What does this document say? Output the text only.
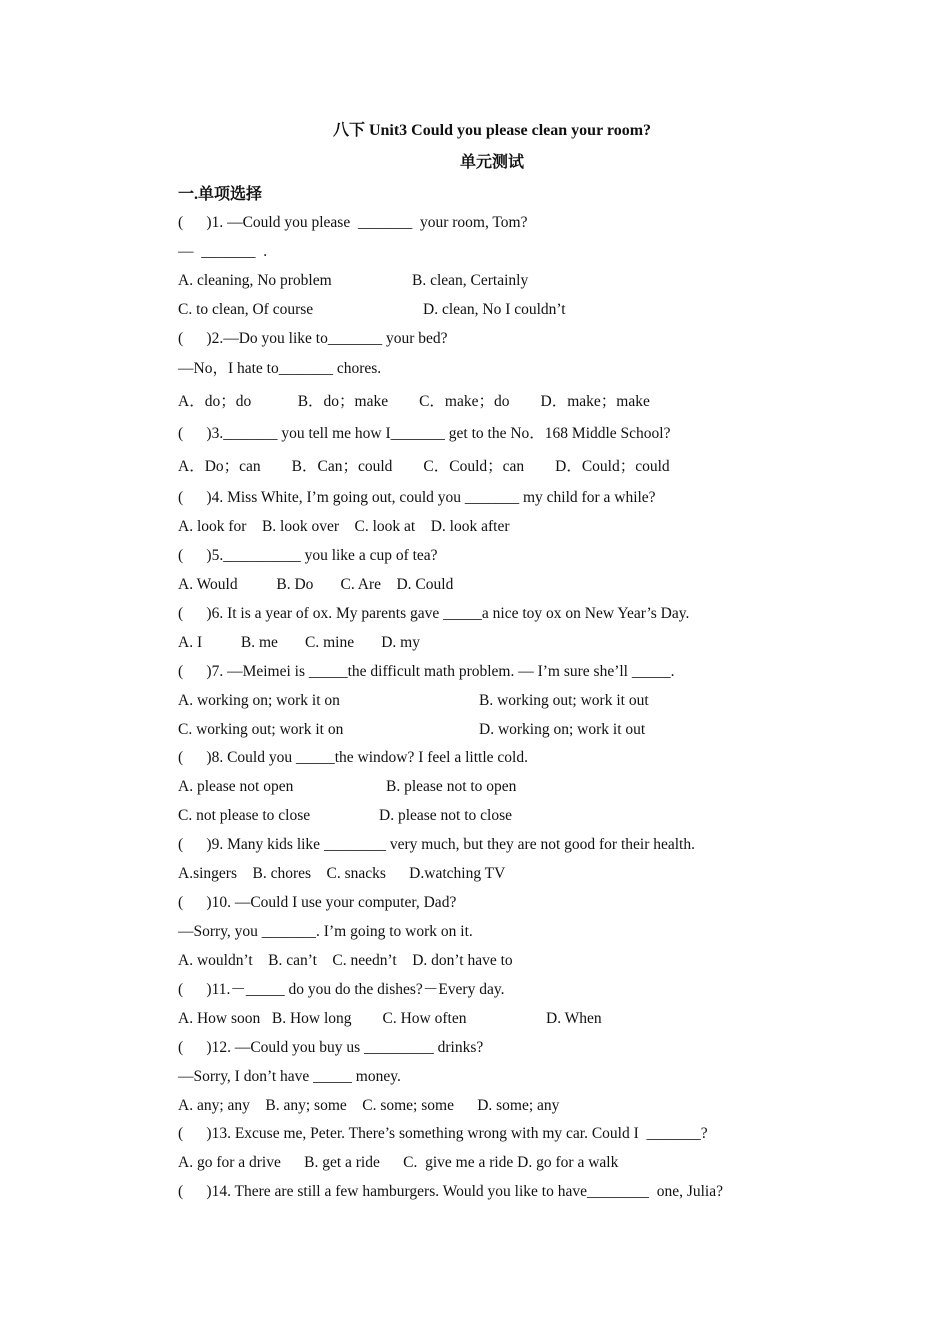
八下 Unit3 Could you please clean your room?
单元测试
一.单项选择
(      )1. —Could you please  _______  your room, Tom?
—  _______  .
A. cleaning, No problem	B. clean, Certainly
C. to clean, Of course	D. clean, No I couldn’t
(      )2.—Do you like to_______ your bed?
—No，I hate to_______ chores.
A．do；do            B．do；make        C．make；do        D．make；make
(      )3._______ you tell me how I_______ get to the No．168 Middle School?
A．Do；can        B．Can；could        C．Could；can        D．Could；could
(      )4. Miss White, I’m going out, could you _______ my child for a while?
A. look for    B. look over    C. look at    D. look after
(      )5.__________ you like a cup of tea?
A. Would          B. Do       C. Are    D. Could
(      )6. It is a year of ox. My parents gave _____a nice toy ox on New Year’s Day.
A. I          B. me       C. mine       D. my
(      )7. —Meimei is _____the difficult math problem. — I’m sure she’ll _____.
A. working on; work it on	B. working out; work it out
C. working out; work it on	D. working on; work it out
(      )8. Could you _____the window? I feel a little cold.
A. please not open	B. please not to open
C. not please to close	D. please not to close
(      )9. Many kids like ________ very much, but they are not good for their health.
A.singers    B. chores    C. snacks      D.watching TV
(      )10. —Could I use your computer, Dad?
—Sorry, you _______. I’m going to work on it.
A. wouldn’t    B. can’t    C. needn’t    D. don’t have to
(      )11.－_____ do you do the dishes?－Every day.
A. How soon   B. How long        C. How often	D. When
(      )12. —Could you buy us _________ drinks?
—Sorry, I don’t have _____ money.
A. any; any    B. any; some    C. some; some      D. some; any
(      )13. Excuse me, Peter. There’s something wrong with my car. Could I  _______?
A. go for a drive      B. get a ride      C.  give me a ride D. go for a walk
(      )14. There are still a few hamburgers. Would you like to have________  one, Julia?
